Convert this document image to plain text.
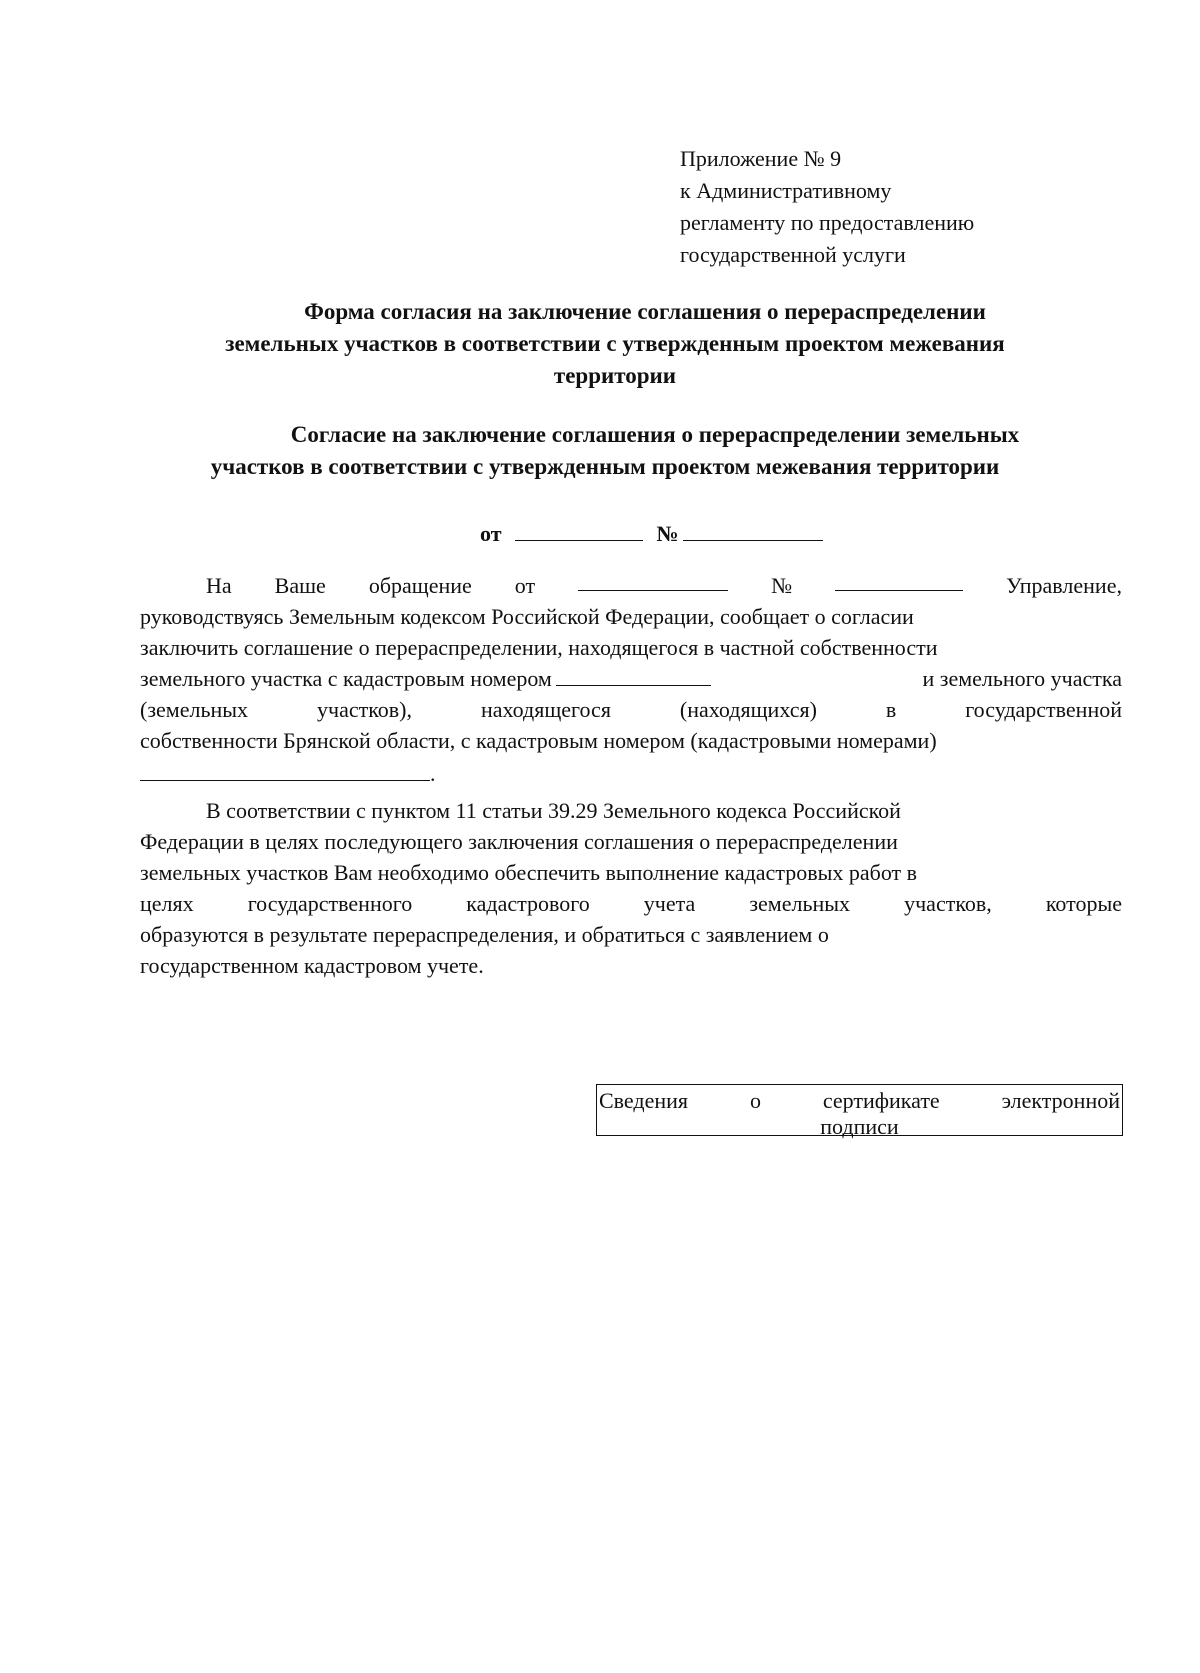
Приложение № 9
к Административному
регламенту по предоставлению
государственной услуги
Форма согласия на заключение соглашения о перераспределении
земельных участков в соответствии с утвержденным проектом межевания
территории
Согласие на заключение соглашения о перераспределении земельных
участков в соответствии с утвержденным проектом межевания территории
от	№
На Ваше обращение от	№	Управление,
руководствуясь Земельным кодексом Российской Федерации, сообщает о согласии
заключить соглашение о перераспределении, находящегося в частной собственности
земельного участка с кадастровым номером	и земельного участка
(земельных	участков),	находящегося	(находящихся)	в	государственной
собственности Брянской области, с кадастровым номером (кадастровыми номерами)
.
В соответствии с пунктом 11 статьи 39.29 Земельного кодекса Российской
Федерации в целях последующего заключения соглашения о перераспределении
земельных участков Вам необходимо обеспечить выполнение кадастровых работ в
целях государственного кадастрового учета земельных участков, которые
образуются в результате перераспределения, и обратиться с заявлением о
государственном кадастровом учете.
Сведения	о	сертификате	электронной
подписи
